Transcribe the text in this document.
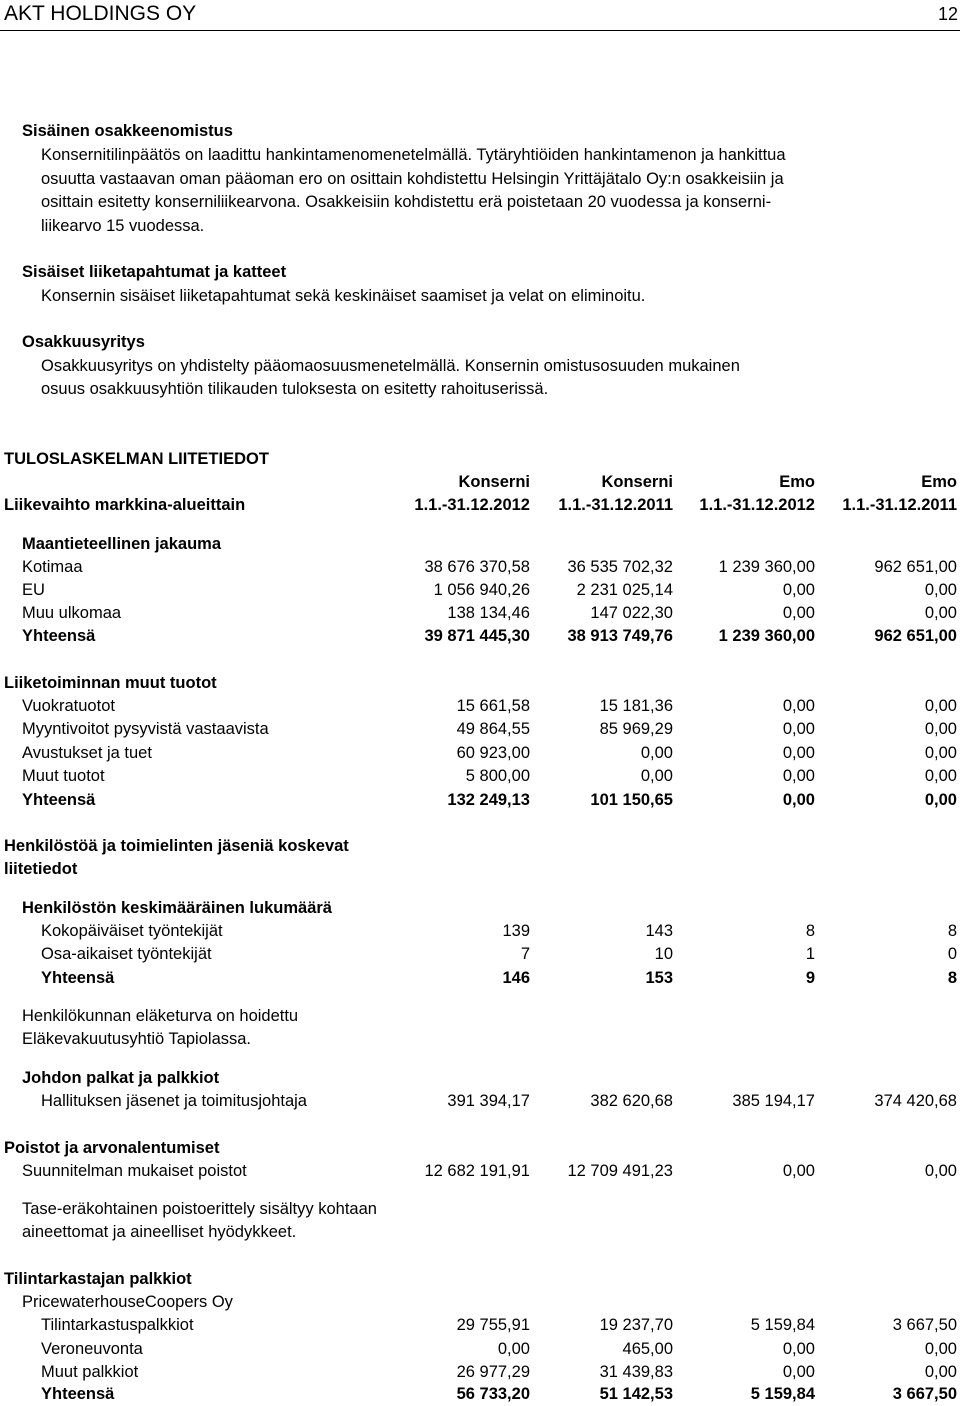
AKT HOLDINGS OY	12
Sisäinen osakkeenomistus
Konsernitilinpäätös on laadittu hankintamenomenetelmällä. Tytäryhtiöiden hankintamenon ja hankittua
osuutta vastaavan oman pääoman ero on osittain kohdistettu Helsingin Yrittäjätalo Oy:n osakkeisiin ja
osittain esitetty konserniliikearvona. Osakkeisiin kohdistettu erä poistetaan 20 vuodessa ja konserni-
liikearvo 15 vuodessa.
Sisäiset liiketapahtumat ja katteet
Konsernin sisäiset liiketapahtumat sekä keskinäiset saamiset ja velat on eliminoitu.
Osakkuusyritys
Osakkuusyritys on yhdistelty pääomaosuusmenetelmällä. Konsernin omistusosuuden mukainen
osuus osakkuusyhtiön tilikauden tuloksesta on esitetty rahoituserissä.
TULOSLASKELMAN LIITETIEDOT
Konserni	Konserni	Emo	Emo
Liikevaihto markkina-alueittain	1.1.-31.12.2012	1.1.-31.12.2011	1.1.-31.12.2012	1.1.-31.12.2011
Maantieteellinen jakauma
Kotimaa	38 676 370,58	36 535 702,32	1 239 360,00	962 651,00
EU	1 056 940,26	2 231 025,14	0,00	0,00
Muu ulkomaa	138 134,46	147 022,30	0,00	0,00
Yhteensä	39 871 445,30	38 913 749,76	1 239 360,00	962 651,00
Liiketoiminnan muut tuotot
Vuokratuotot	15 661,58	15 181,36	0,00	0,00
Myyntivoitot pysyvistä vastaavista	49 864,55	85 969,29	0,00	0,00
Avustukset ja tuet	60 923,00	0,00	0,00	0,00
Muut tuotot	5 800,00	0,00	0,00	0,00
Yhteensä	132 249,13	101 150,65	0,00	0,00
Henkilöstöä ja toimielinten jäseniä koskevat
liitetiedot
Henkilöstön keskimääräinen lukumäärä
Kokopäiväiset työntekijät	139	143	8	8
Osa-aikaiset työntekijät	7	10	1	0
Yhteensä	146	153	9	8
Henkilökunnan eläketurva on hoidettu
Eläkevakuutusyhtiö Tapiolassa.
Johdon palkat ja palkkiot
Hallituksen jäsenet ja toimitusjohtaja	391 394,17	382 620,68	385 194,17	374 420,68
Poistot ja arvonalentumiset
Suunnitelman mukaiset poistot	12 682 191,91	12 709 491,23	0,00	0,00
Tase-eräkohtainen poistoerittely sisältyy kohtaan
aineettomat ja aineelliset hyödykkeet.
Tilintarkastajan palkkiot
PricewaterhouseCoopers Oy
Tilintarkastuspalkkiot	29 755,91	19 237,70	5 159,84	3 667,50
Veroneuvonta	0,00	465,00	0,00	0,00
Muut palkkiot	26 977,29	31 439,83	0,00	0,00
Yhteensä	56 733,20	51 142,53	5 159,84	3 667,50
